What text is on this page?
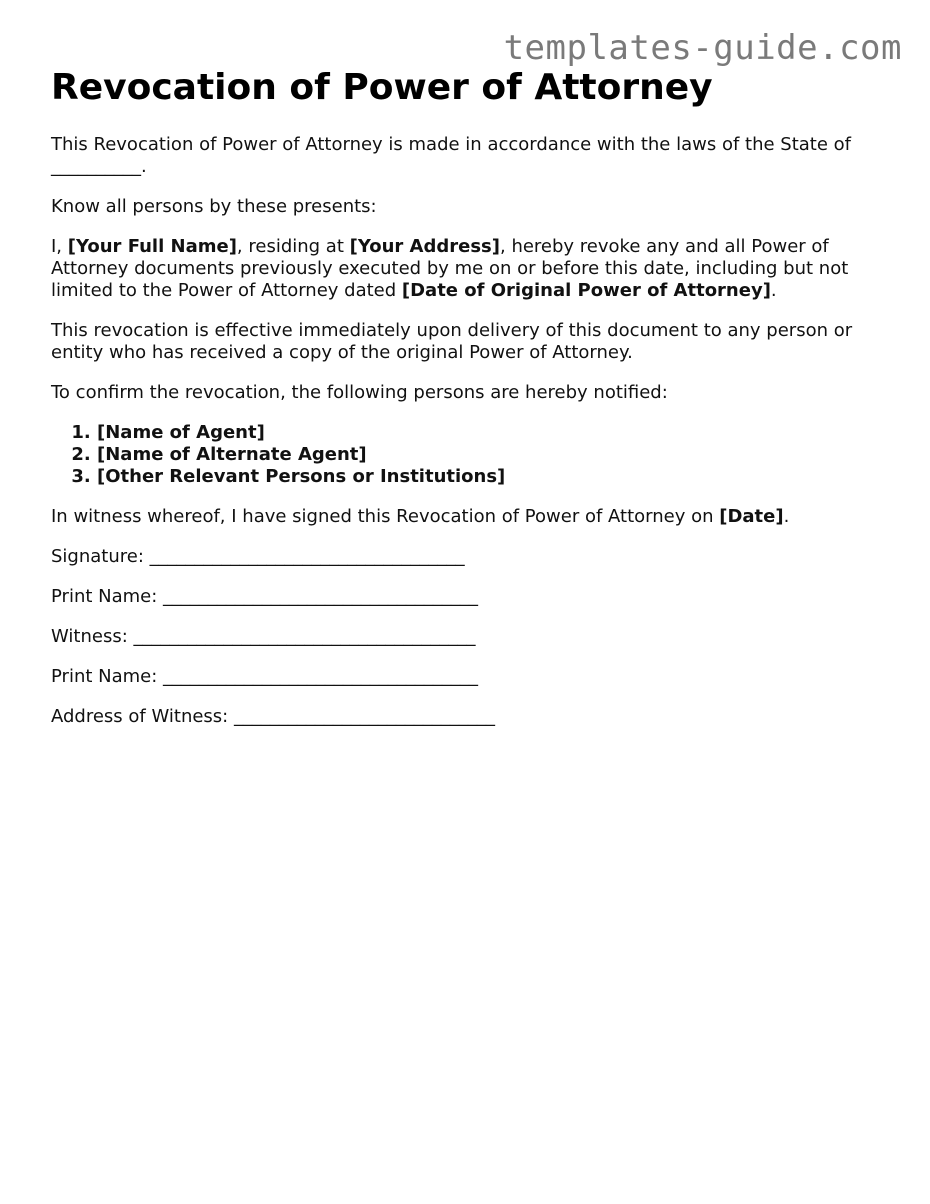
templates-guide.com
Revocation of Power of Attorney

This Revocation of Power of Attorney is made in accordance with the laws of the State of __________.

Know all persons by these presents:

I, [Your Full Name], residing at [Your Address], hereby revoke any and all Power of Attorney documents previously executed by me on or before this date, including but not limited to the Power of Attorney dated [Date of Original Power of Attorney].

This revocation is effective immediately upon delivery of this document to any person or entity who has received a copy of the original Power of Attorney.

To confirm the revocation, the following persons are hereby notified:

1. [Name of Agent]
2. [Name of Alternate Agent]
3. [Other Relevant Persons or Institutions]

In witness whereof, I have signed this Revocation of Power of Attorney on [Date].

Signature: ___________________________________

Print Name: ___________________________________

Witness: ______________________________________

Print Name: ___________________________________

Address of Witness: _____________________________
